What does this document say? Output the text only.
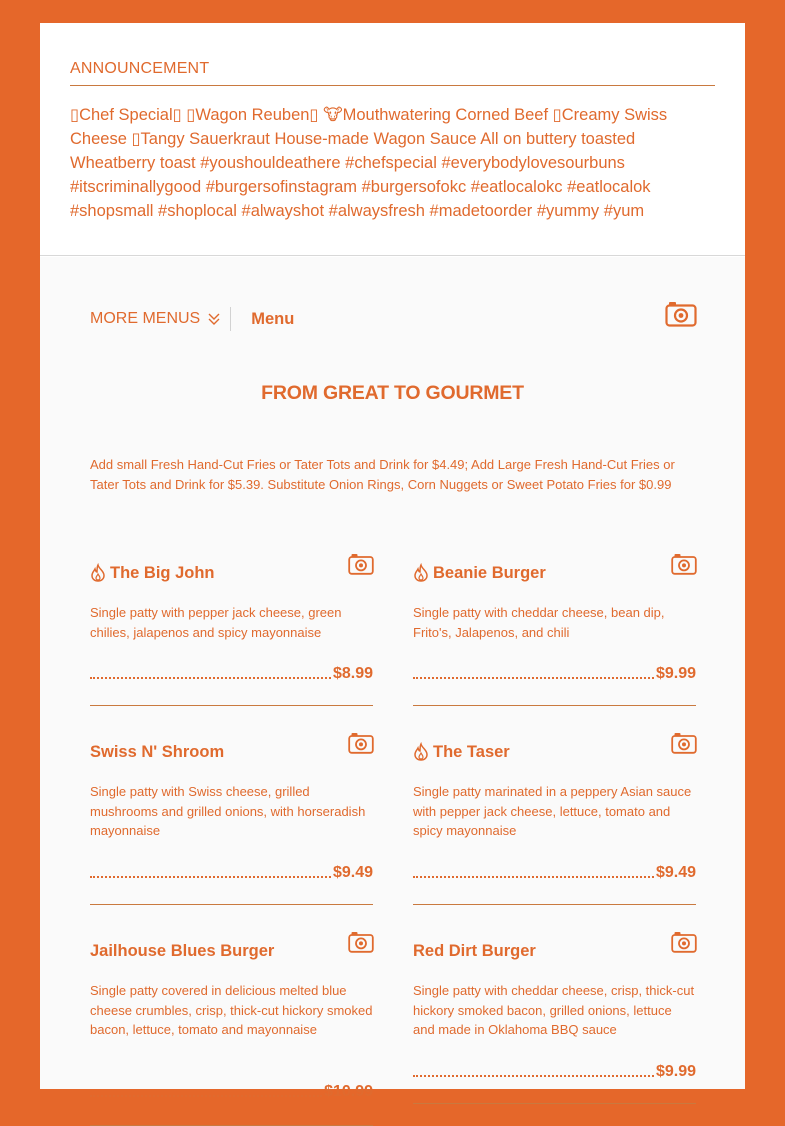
ANNOUNCEMENT
▯Chef Special▯ ▯Wagon Reuben▯ 🐮Mouthwatering Corned Beef ▯Creamy Swiss Cheese ▯Tangy Sauerkraut House-made Wagon Sauce All on buttery toasted Wheatberry toast #youshouldeathere #chefspecial #everybodylovesourbuns #itscriminallygood #burgersofinstagram #burgersofokc #eatlocalokc #eatlocalok #shopsmall #shoplocal #alwayshot #alwaysfresh #madetoorder #yummy #yum
MORE MENUS	Menu
FROM GREAT TO GOURMET
Add small Fresh Hand-Cut Fries or Tater Tots and Drink for $4.49; Add Large Fresh Hand-Cut Fries or Tater Tots and Drink for $5.39. Substitute Onion Rings, Corn Nuggets or Sweet Potato Fries for $0.99
The Big John
Single patty with pepper jack cheese, green chilies, jalapenos and spicy mayonnaise
$8.99
Beanie Burger
Single patty with cheddar cheese, bean dip, Frito's, Jalapenos, and chili
$9.99
Swiss N' Shroom
Single patty with Swiss cheese, grilled mushrooms and grilled onions, with horseradish mayonnaise
$9.49
The Taser
Single patty marinated in a peppery Asian sauce with pepper jack cheese, lettuce, tomato and spicy mayonnaise
$9.49
Jailhouse Blues Burger
Single patty covered in delicious melted blue cheese crumbles, crisp, thick-cut hickory smoked bacon, lettuce, tomato and mayonnaise
$10.99
Red Dirt Burger
Single patty with cheddar cheese, crisp, thick-cut hickory smoked bacon, grilled onions, lettuce and made in Oklahoma BBQ sauce
$9.99
